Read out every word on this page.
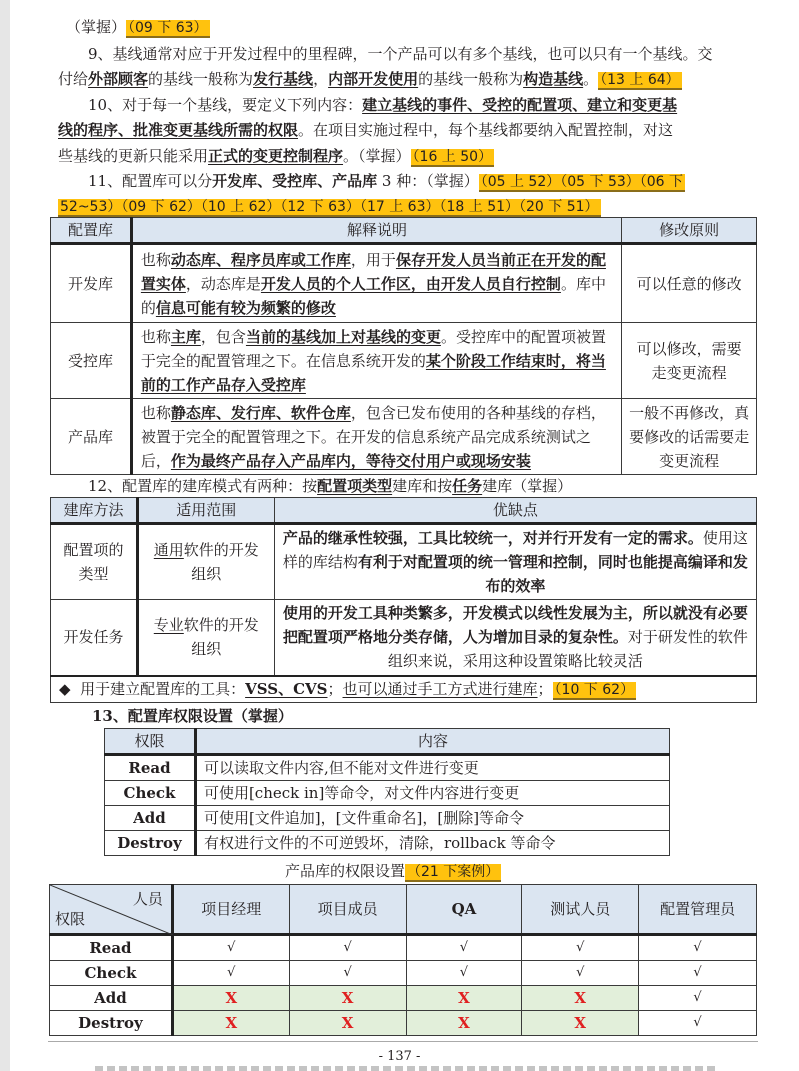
（掌握） （09 下 63）
9、基线通常对应于开发过程中的里程碑，一个产品可以有多个基线，也可以只有一个基线。交
付给外部顾客的基线一般称为发行基线，内部开发使用的基线一般称为构造基线。 （13 上 64）
10、对于每一个基线，要定义下列内容：建立基线的事件、受控的配置项、建立和变更基
线的程序、批准变更基线所需的权限。在项目实施过程中，每个基线都要纳入配置控制，对这
些基线的更新只能采用正式的变更控制程序。（掌握） （16 上 50）
11、配置库可以分开发库、受控库、产品库 3 种：（掌握） （05 上 52）（05 下 53）（06 下
52~53）（09 下 62）（10 上 62）（12 下 63）（17 上 63）（18 上 51）（20 下 51）
配置库	解释说明	修改原则
开发库	也称动态库、程序员库或工作库，用于保存开发人员当前正在开发的配置实体，动态库是开发人员的个人工作区，由开发人员自行控制。库中的信息可能有较为频繁的修改	可以任意的修改
受控库	也称主库，包含当前的基线加上对基线的变更。受控库中的配置项被置于完全的配置管理之下。在信息系统开发的某个阶段工作结束时，将当前的工作产品存入受控库	可以修改，需要走变更流程
产品库	也称静态库、发行库、软件仓库，包含已发布使用的各种基线的存档，被置于完全的配置管理之下。在开发的信息系统产品完成系统测试之后，作为最终产品存入产品库内，等待交付用户或现场安装	一般不再修改，真要修改的话需要走变更流程
12、配置库的建库模式有两种：按配置项类型建库和按任务建库（掌握）
建库方法	适用范围	优缺点
配置项的类型	通用软件的开发组织	产品的继承性较强，工具比较统一，对并行开发有一定的需求。使用这样的库结构有利于对配置项的统一管理和控制，同时也能提高编译和发布的效率
开发任务	专业软件的开发组织	使用的开发工具种类繁多，开发模式以线性发展为主，所以就没有必要把配置项严格地分类存储，人为增加目录的复杂性。对于研发性的软件组织来说，采用这种设置策略比较灵活
◆ 用于建立配置库的工具：VSS、CVS；也可以通过手工方式进行建库； （10 下 62）		
13、配置库权限设置（掌握）
权限	内容
Read	可以读取文件内容,但不能对文件进行变更
Check	可使用[check in]等命令，对文件内容进行变更
Add	可使用[文件追加]，[文件重命名]，[删除]等命令
Destroy	有权进行文件的不可逆毁坏，清除，rollback 等命令
产品库的权限设置 （21 下案例）
人员
权限	项目经理	项目成员	QA	测试人员	配置管理员
Read	√	√	√	√	√
Check	√	√	√	√	√
Add	X	X	X	X	√
Destroy	X	X	X	X	√
- 137 -
